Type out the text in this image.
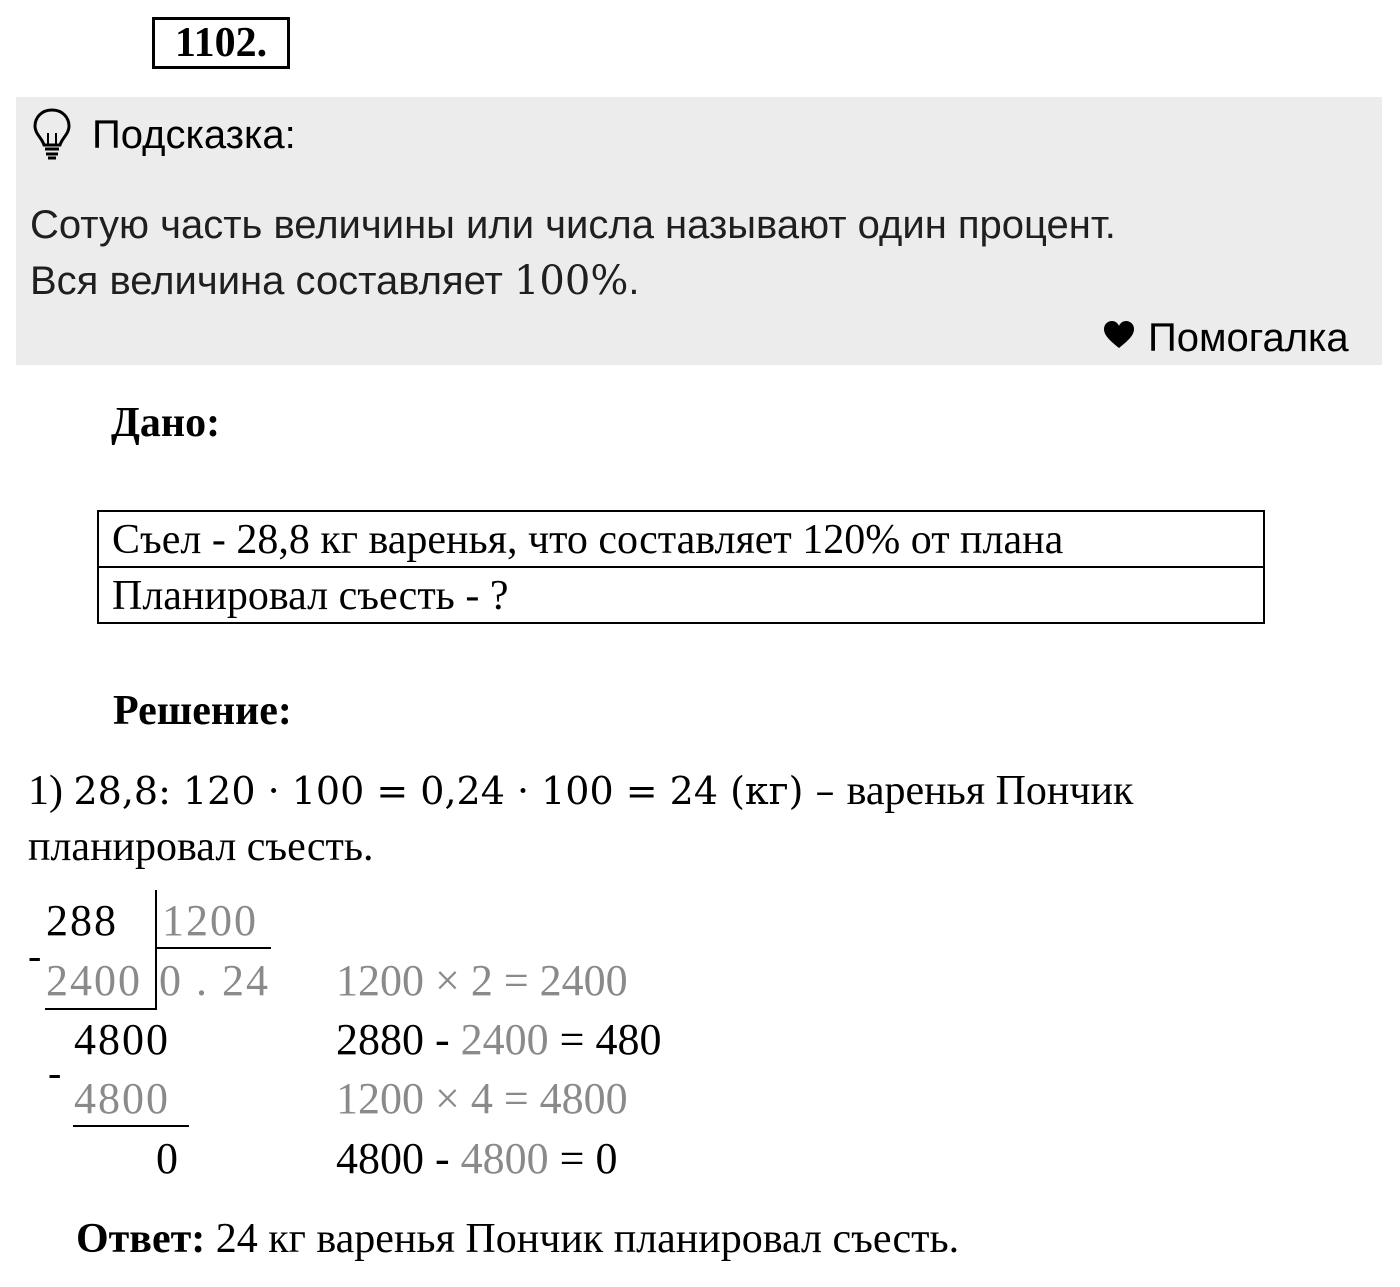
1102.
Подсказка:
Сотую часть величины или числа называют один процент.
Вся величина составляет 100%.
Помогалка
Дано:
Съел - 28,8 кг варенья, что составляет 120% от плана
Планировал съесть - ?
Решение:
1) 28,8: 120 · 100 = 0,24 · 100 = 24 (кг) – варенья Пончик
планировал съесть.
288 1200
-
2400 0 . 24
4800
-
4800
0
1200 × 2 = 2400
2880 - 2400 = 480
1200 × 4 = 4800
4800 - 4800 = 0
Ответ: 24 кг варенья Пончик планировал съесть.
